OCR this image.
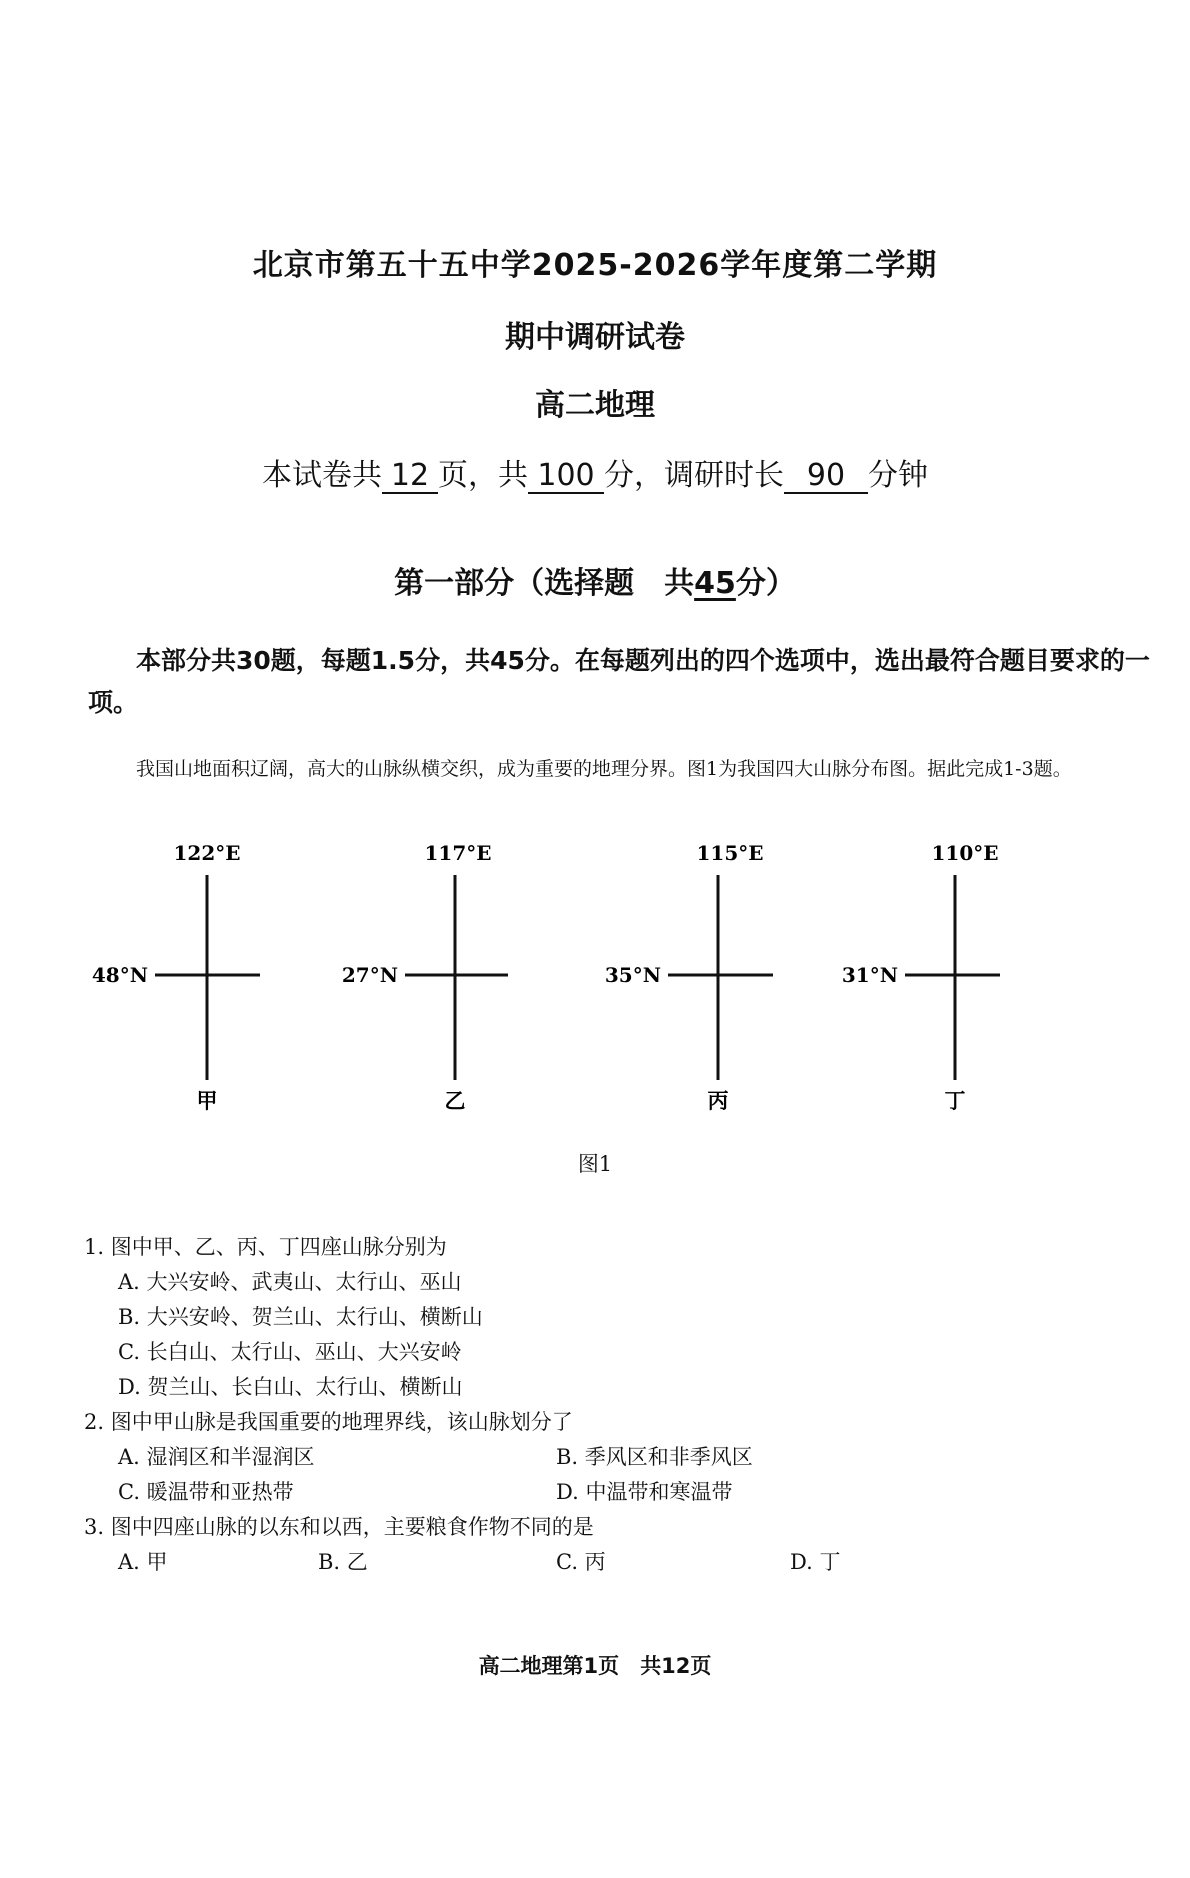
北京市第五十五中学2025-2026学年度第二学期
期中调研试卷
高二地理
本试卷共 12 页，共 100 分，调研时长 90 分钟
第一部分（选择题　共45分）
本部分共30题，每题1.5分，共45分。在每题列出的四个选项中，选出最符合题目要求的一项。
我国山地面积辽阔，高大的山脉纵横交织，成为重要的地理分界。图1为我国四大山脉分布图。据此完成1-3题。
122°E
48°N
甲
117°E
27°N
乙
115°E
35°N
丙
110°E
31°N
丁
图1
1. 图中甲、乙、丙、丁四座山脉分别为
A. 大兴安岭、武夷山、太行山、巫山
B. 大兴安岭、贺兰山、太行山、横断山
C. 长白山、太行山、巫山、大兴安岭
D. 贺兰山、长白山、太行山、横断山
2. 图中甲山脉是我国重要的地理界线，该山脉划分了
A. 湿润区和半湿润区	B. 季风区和非季风区
C. 暖温带和亚热带	D. 中温带和寒温带
3. 图中四座山脉的以东和以西，主要粮食作物不同的是
A. 甲	B. 乙	C. 丙	D. 丁
高二地理第1页　 共12页
